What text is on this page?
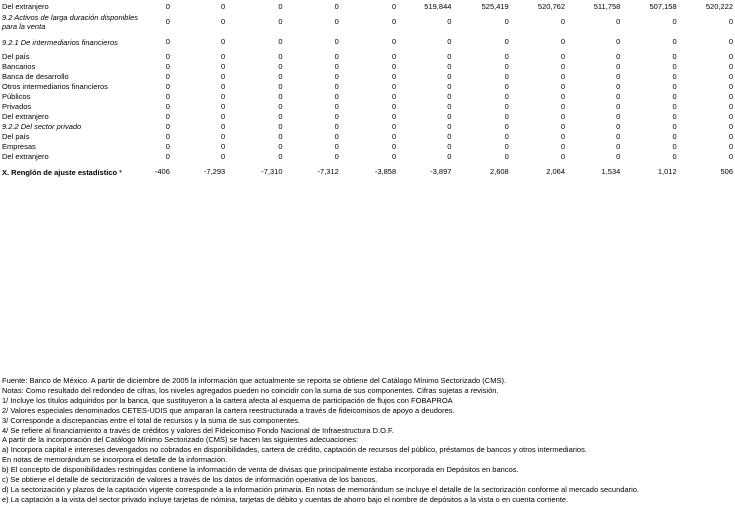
Del extranjero	0	0	0	0	0	519,844	525,419	520,762	511,758	507,158	520,222
9.2 Activos de larga duración disponibles para la venta	0	0	0	0	0	0	0	0	0	0	0
9.2.1 De intermediarios financieros	0	0	0	0	0	0	0	0	0	0	0
Del país	0	0	0	0	0	0	0	0	0	0	0
Bancarios	0	0	0	0	0	0	0	0	0	0	0
Banca de desarrollo	0	0	0	0	0	0	0	0	0	0	0
Otros intermediarios financieros	0	0	0	0	0	0	0	0	0	0	0
Públicos	0	0	0	0	0	0	0	0	0	0	0
Privados	0	0	0	0	0	0	0	0	0	0	0
Del extranjero	0	0	0	0	0	0	0	0	0	0	0
9.2.2 Del sector privado	0	0	0	0	0	0	0	0	0	0	0
Del país	0	0	0	0	0	0	0	0	0	0	0
Empresas	0	0	0	0	0	0	0	0	0	0	0
Del extranjero	0	0	0	0	0	0	0	0	0	0	0
X. Renglón de ajuste estadístico ³	-406	-7,293	-7,310	-7,312	-3,858	-3,897	2,608	2,064	1,534	1,012	506
Fuente: Banco de México. A partir de diciembre de 2005 la información que actualmente se reporta se obtiene del Catálogo Mínimo Sectorizado (CMS).
Notas: Como resultado del redondeo de cifras, los niveles agregados pueden no coincidir con la suma de sus componentes. Cifras sujetas a revisión.
1/ Incluye los títulos adquiridos por la banca, que sustituyeron a la cartera afecta al esquema de participación de flujos con FOBAPROA
2/ Valores especiales denominados CETES-UDIS que amparan la cartera reestructurada a través de fideicomisos de apoyo a deudores.
3/ Corresponde a discrepancias entre el total de recursos y la suma de sus componentes.
4/ Se refiere al financiamiento a través de créditos y valores del Fideicomiso Fondo Nacional de Infraestructura D.O.F.
A partir de la incorporación del Catálogo Mínimo Sectorizado (CMS) se hacen las siguientes adecuaciones:
a) Incorpora capital e intereses devengados no cobrados en disponibilidades, cartera de crédito, captación de recursos del público, préstamos de bancos y otros intermediarios.
En notas de memorándum se incorpora el detalle de la información.
b) El concepto de disponibilidades restringidas contiene la información de venta de divisas que principalmente estaba incorporada en Depósitos en bancos.
c) Se obtiene el detalle de sectorización de valores a través de los datos de información operativa de los bancos.
d) La sectorización y plazos de la captación vigente corresponde a la información primaria. En notas de memorándum se incluye el detalle de la sectorización conforme al mercado secundario.
e) La captación a la vista del sector privado incluye tarjetas de nómina, tarjetas de débito y cuentas de ahorro bajo el nombre de depósitos a la vista o en cuenta corriente.
